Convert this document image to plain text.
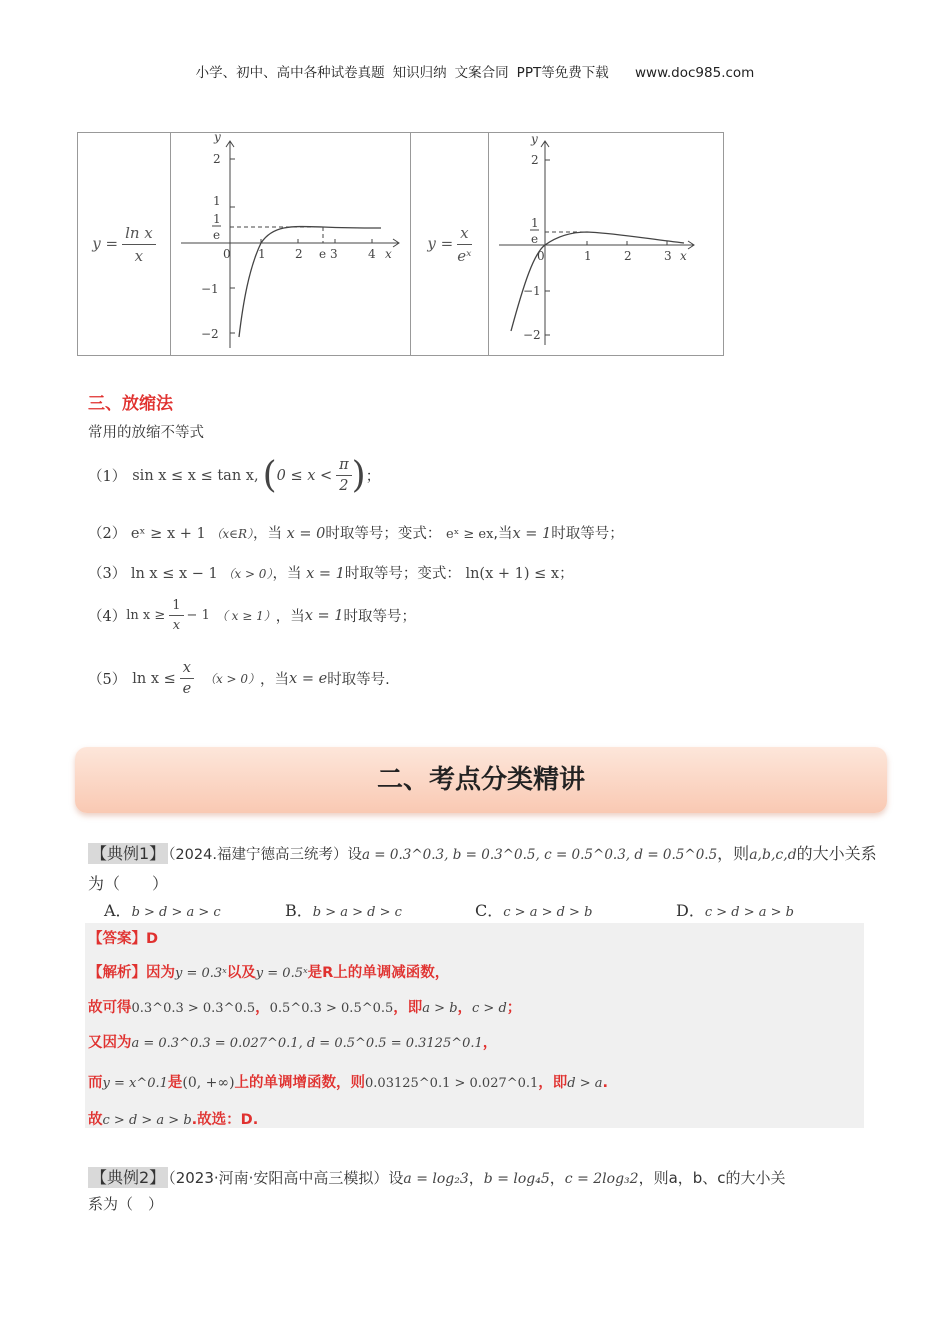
小学、初中、高中各种试卷真题 知识归纳 文案合同 PPT等免费下载 www.doc985.com
$y = \frac{\text{ln x}}{x}$

y
2
1
1
e
0 1 2 e 3	4 x
−1
−2
	$y = \frac{x}{\text{eˣ}}$

y
2
1
e
0	1	2	3 x
−1
−2
三、放缩法
常用的放缩不等式
（1） sin x ≤ x ≤ tan x, ( $0 \le x < \frac{\pi}{2}$ ) ；
（2） eˣ ≥ x + 1 （x∈R），当 x = 0时取等号；变式： eˣ ≥ ex,当x = 1时取等号；
（3） ln x ≤ x − 1 （x > 0），当 x = 1时取等号；变式： ln(x + 1) ≤ x；
（4） $\ln x \ge \frac{1}{x} - 1$ （ x ≥ 1） ，当 x = 1 时取等号；
（5） $\ln x \le \frac{x}{e} (x > 0)$ ，当 x = e 时取等号.
二、考点分类精讲
【典例1】 （2024.福建宁德高三统考）设a = 0.3^0.3, b = 0.3^0.5, c = 0.5^0.3, d = 0.5^0.5，则a,b,c,d的大小关系
为（　　）
A．b > d > a > c	B．b > a > d > c	C．c > a > d > b	D．c > d > a > b
【答案】D
【解析】因为y = 0.3ˣ以及y = 0.5ˣ是R上的单调减函数，
故可得0.3^0.3 > 0.3^0.5，0.5^0.3 > 0.5^0.5，即a > b，c > d；
又因为a = 0.3^0.3 = 0.027^0.1, d = 0.5^0.5 = 0.3125^0.1，
而y = x^0.1是(0, +∞)上的单调增函数，则0.03125^0.1 > 0.027^0.1，即d > a.
故c > d > a > b.故选：D.
【典例2】 （2023·河南·安阳高中高三模拟）设a = log₂3，b = log₄5，c = 2log₃2，则a，b、c的大小关
系为（　）
